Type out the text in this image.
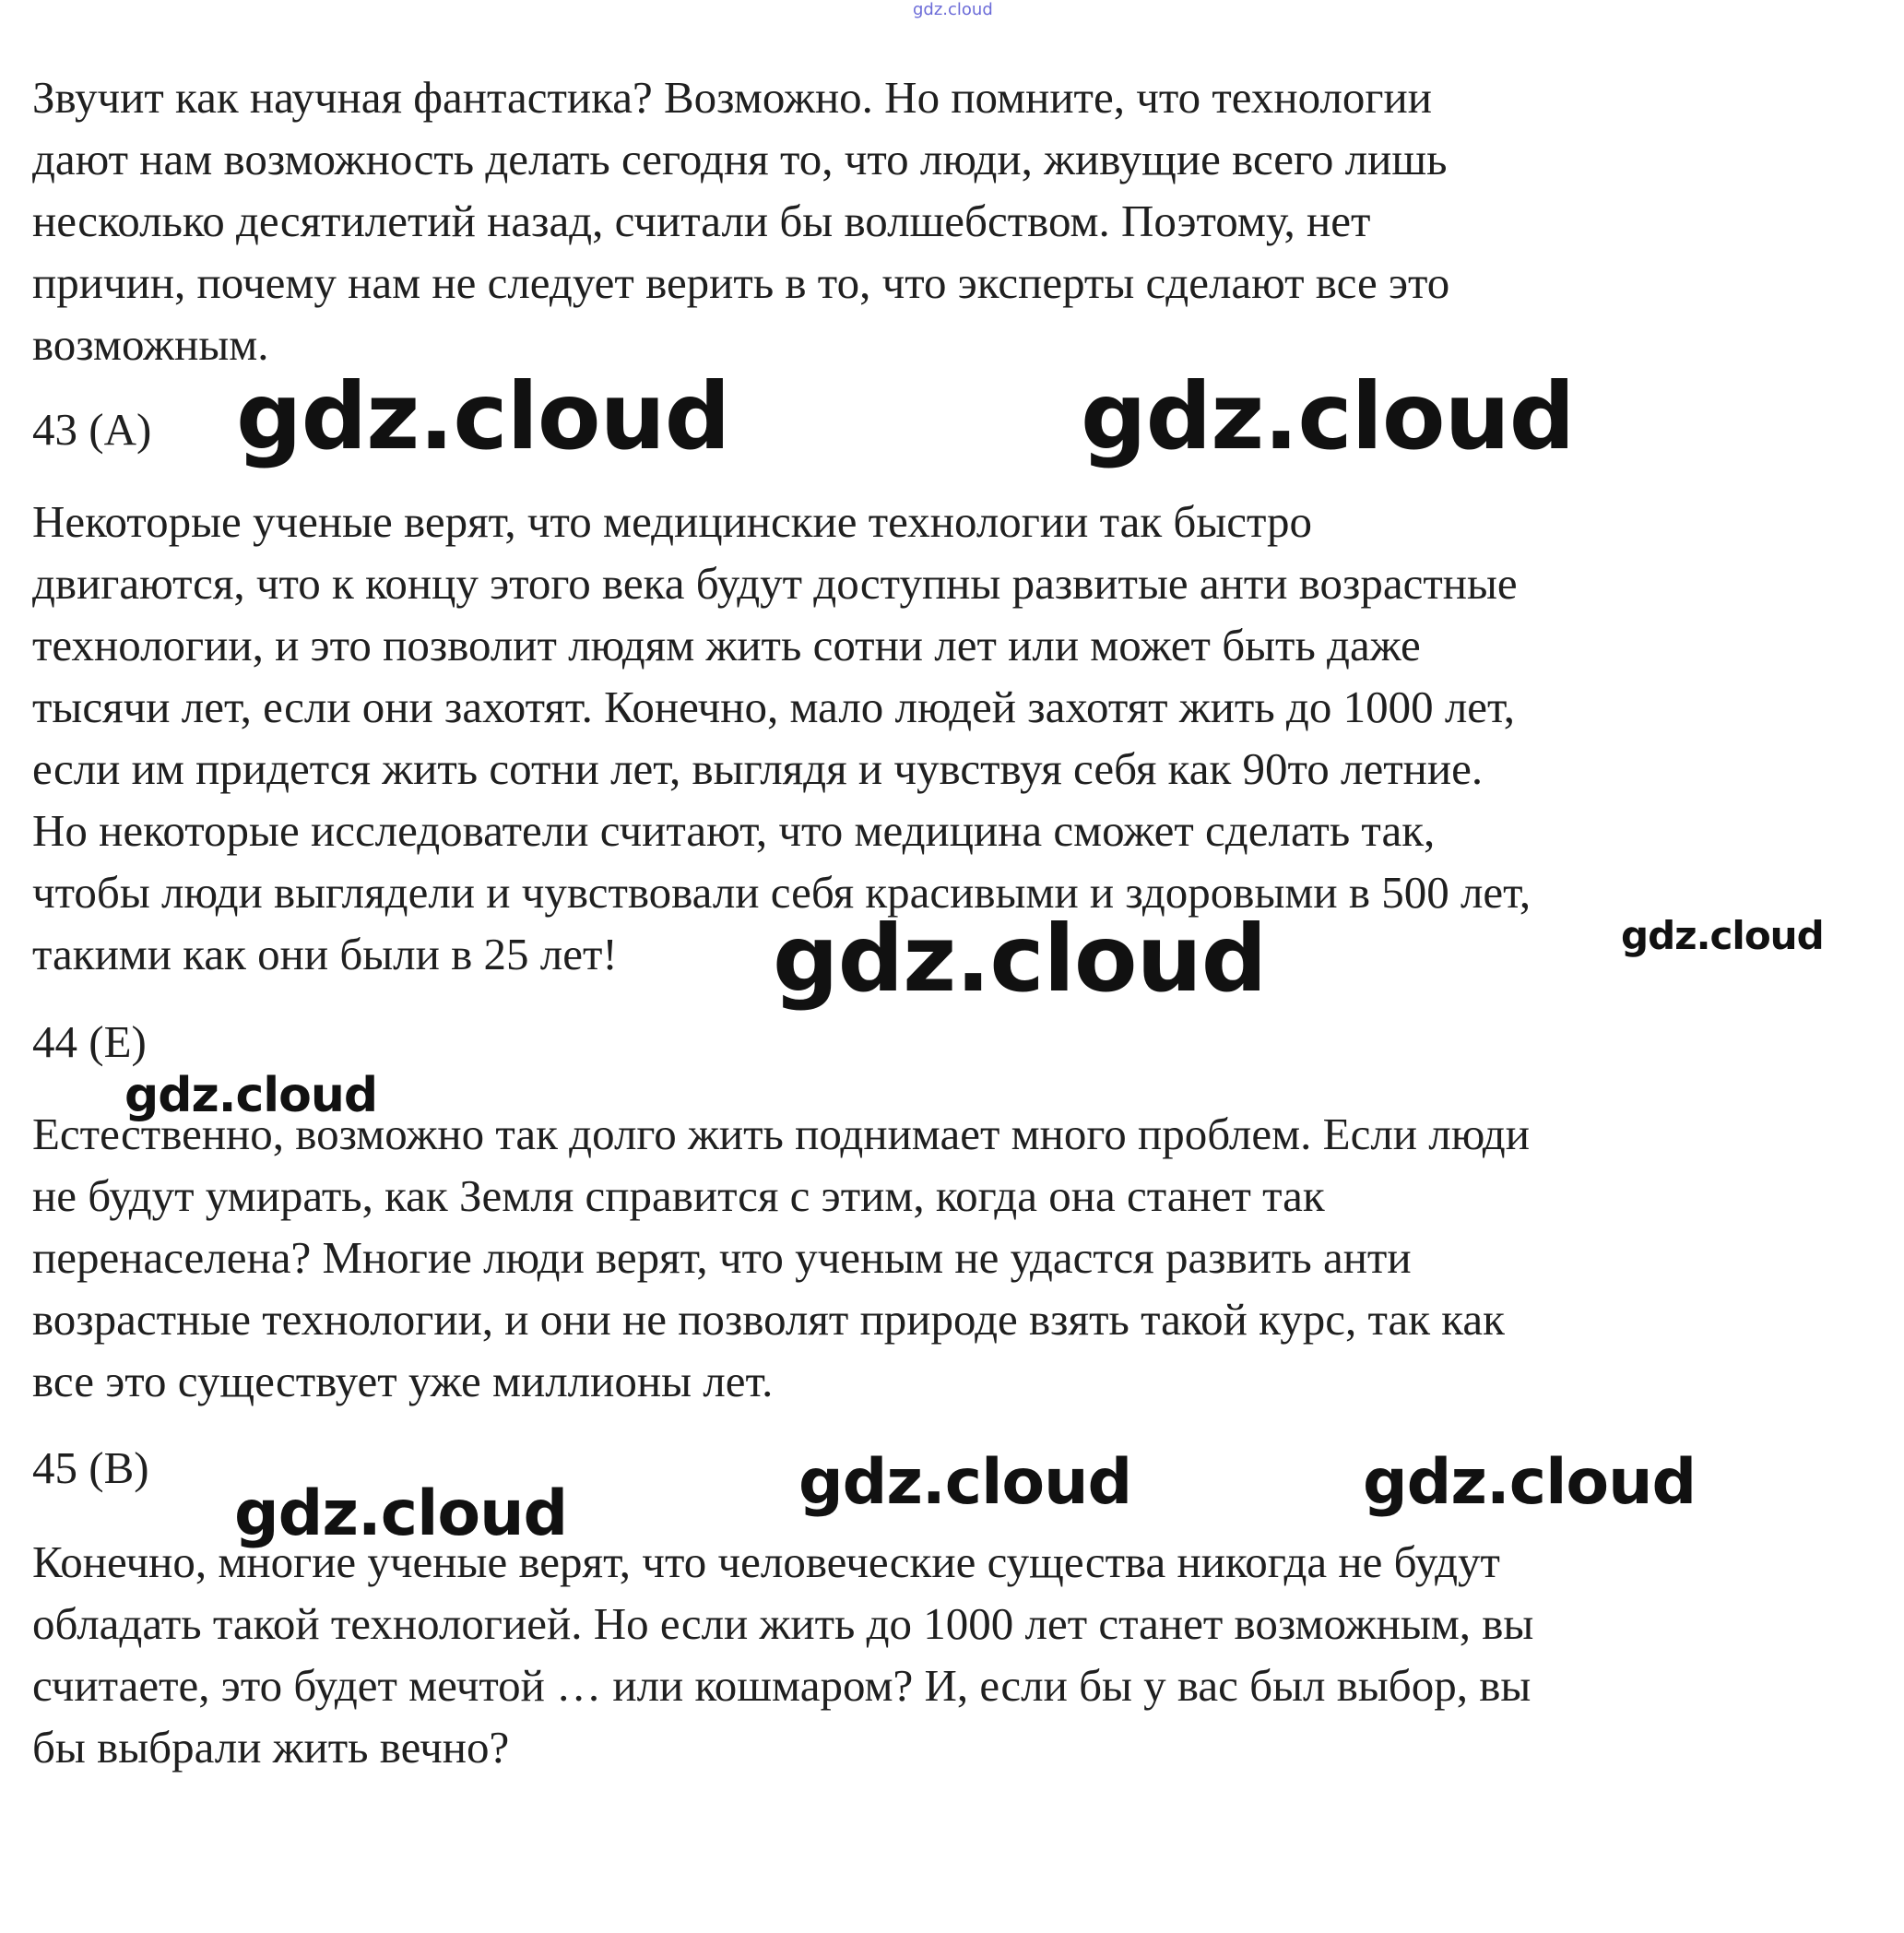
gdz.cloud

Звучит как научная фантастика? Возможно. Но помните, что технологии
дают нам возможность делать сегодня то, что люди, живущие всего лишь
несколько десятилетий назад, считали бы волшебством. Поэтому, нет
причин, почему нам не следует верить в то, что эксперты сделают все это
возможным.

43 (A) gdz.cloud	gdz.cloud

Некоторые ученые верят, что медицинские технологии так быстро
двигаются, что к концу этого века будут доступны развитые анти возрастные
технологии, и это позволит людям жить сотни лет или может быть даже
тысячи лет, если они захотят. Конечно, мало людей захотят жить до 1000 лет,
если им придется жить сотни лет, выглядя и чувствуя себя как 90то летние.
Но некоторые исследователи считают, что медицина сможет сделать так,
чтобы люди выглядели и чувствовали себя красивыми и здоровыми в 500 лет,
такими как они были в 25 лет!	gdz.cloud	gdz.cloud
44 (E)
gdz.cloud

Естественно, возможно так долго жить поднимает много проблем. Если люди
не будут умирать, как Земля справится с этим, когда она станет так
перенаселена? Многие люди верят, что ученым не удастся развить анти
возрастные технологии, и они не позволят природе взять такой курс, так как
все это существует уже миллионы лет.

45 (B)	gdz.cloud	gdz.cloud
gdz.cloud

Конечно, многие ученые верят, что человеческие существа никогда не будут
обладать такой технологией. Но если жить до 1000 лет станет возможным, вы
считаете, это будет мечтой … или кошмаром? И, если бы у вас был выбор, вы
бы выбрали жить вечно?
